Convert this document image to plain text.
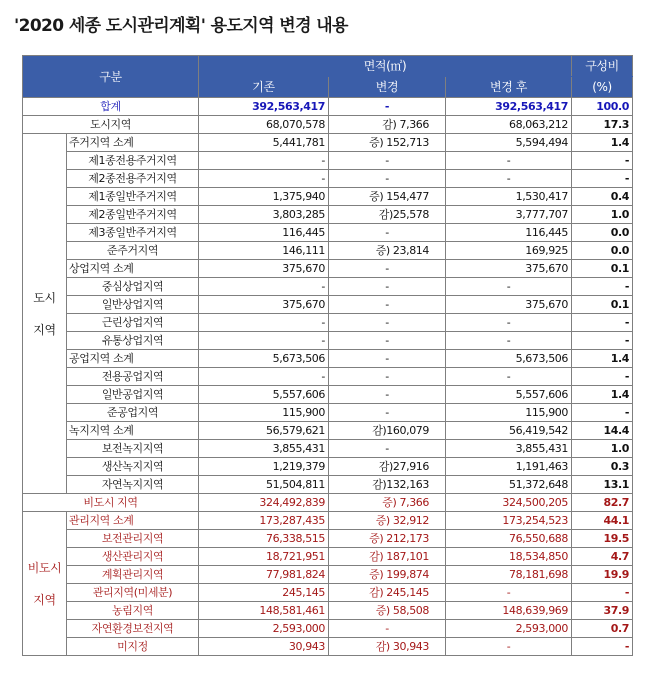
'2020 세종 도시관리계획' 용도지역 변경 내용
구분		면적(㎡)			구성비
		기존	변경	변경 후	(%)
합계		392,563,417	-	392,563,417	100.0
도시지역		68,070,578	감) 7,366	68,063,212	17.3

도시
지역	주거지역 소계	5,441,781	증) 152,713	5,594,494	1.4
	제1종전용주거지역	-	-	-	-
	제2종전용주거지역	-	-	-	-
	제1종일반주거지역	1,375,940	증) 154,477	1,530,417	0.4
	제2종일반주거지역	3,803,285	감)25,578	3,777,707	1.0
	제3종일반주거지역	116,445	-	116,445	0.0
	준주거지역	146,111	증) 23,814	169,925	0.0
	상업지역 소계	375,670	-	375,670	0.1
	중심상업지역	-	-	-	-
	일반상업지역	375,670	-	375,670	0.1
	근린상업지역	-	-	-	-
	유통상업지역	-	-	-	-
	공업지역 소계	5,673,506	-	5,673,506	1.4
	전용공업지역	-	-	-	-
	일반공업지역	5,557,606	-	5,557,606	1.4
	준공업지역	115,900	-	115,900	-
	녹지지역 소계	56,579,621	감)160,079	56,419,542	14.4
	보전녹지지역	3,855,431	-	3,855,431	1.0
	생산녹지지역	1,219,379	감)27,916	1,191,463	0.3
	자연녹지지역	51,504,811	감)132,163	51,372,648	13.1
비도시 지역		324,492,839	증) 7,366	324,500,205	82.7

비도시
지역	관리지역 소계	173,287,435	증) 32,912	173,254,523	44.1
	보전관리지역	76,338,515	증) 212,173	76,550,688	19.5
	생산관리지역	18,721,951	감) 187,101	18,534,850	4.7
	계획관리지역	77,981,824	증) 199,874	78,181,698	19.9
	관리지역(미세분)	245,145	감) 245,145	-	-
	농림지역	148,581,461	증) 58,508	148,639,969	37.9
	자연환경보전지역	2,593,000	-	2,593,000	0.7
	미지정	30,943	감) 30,943	-	-
